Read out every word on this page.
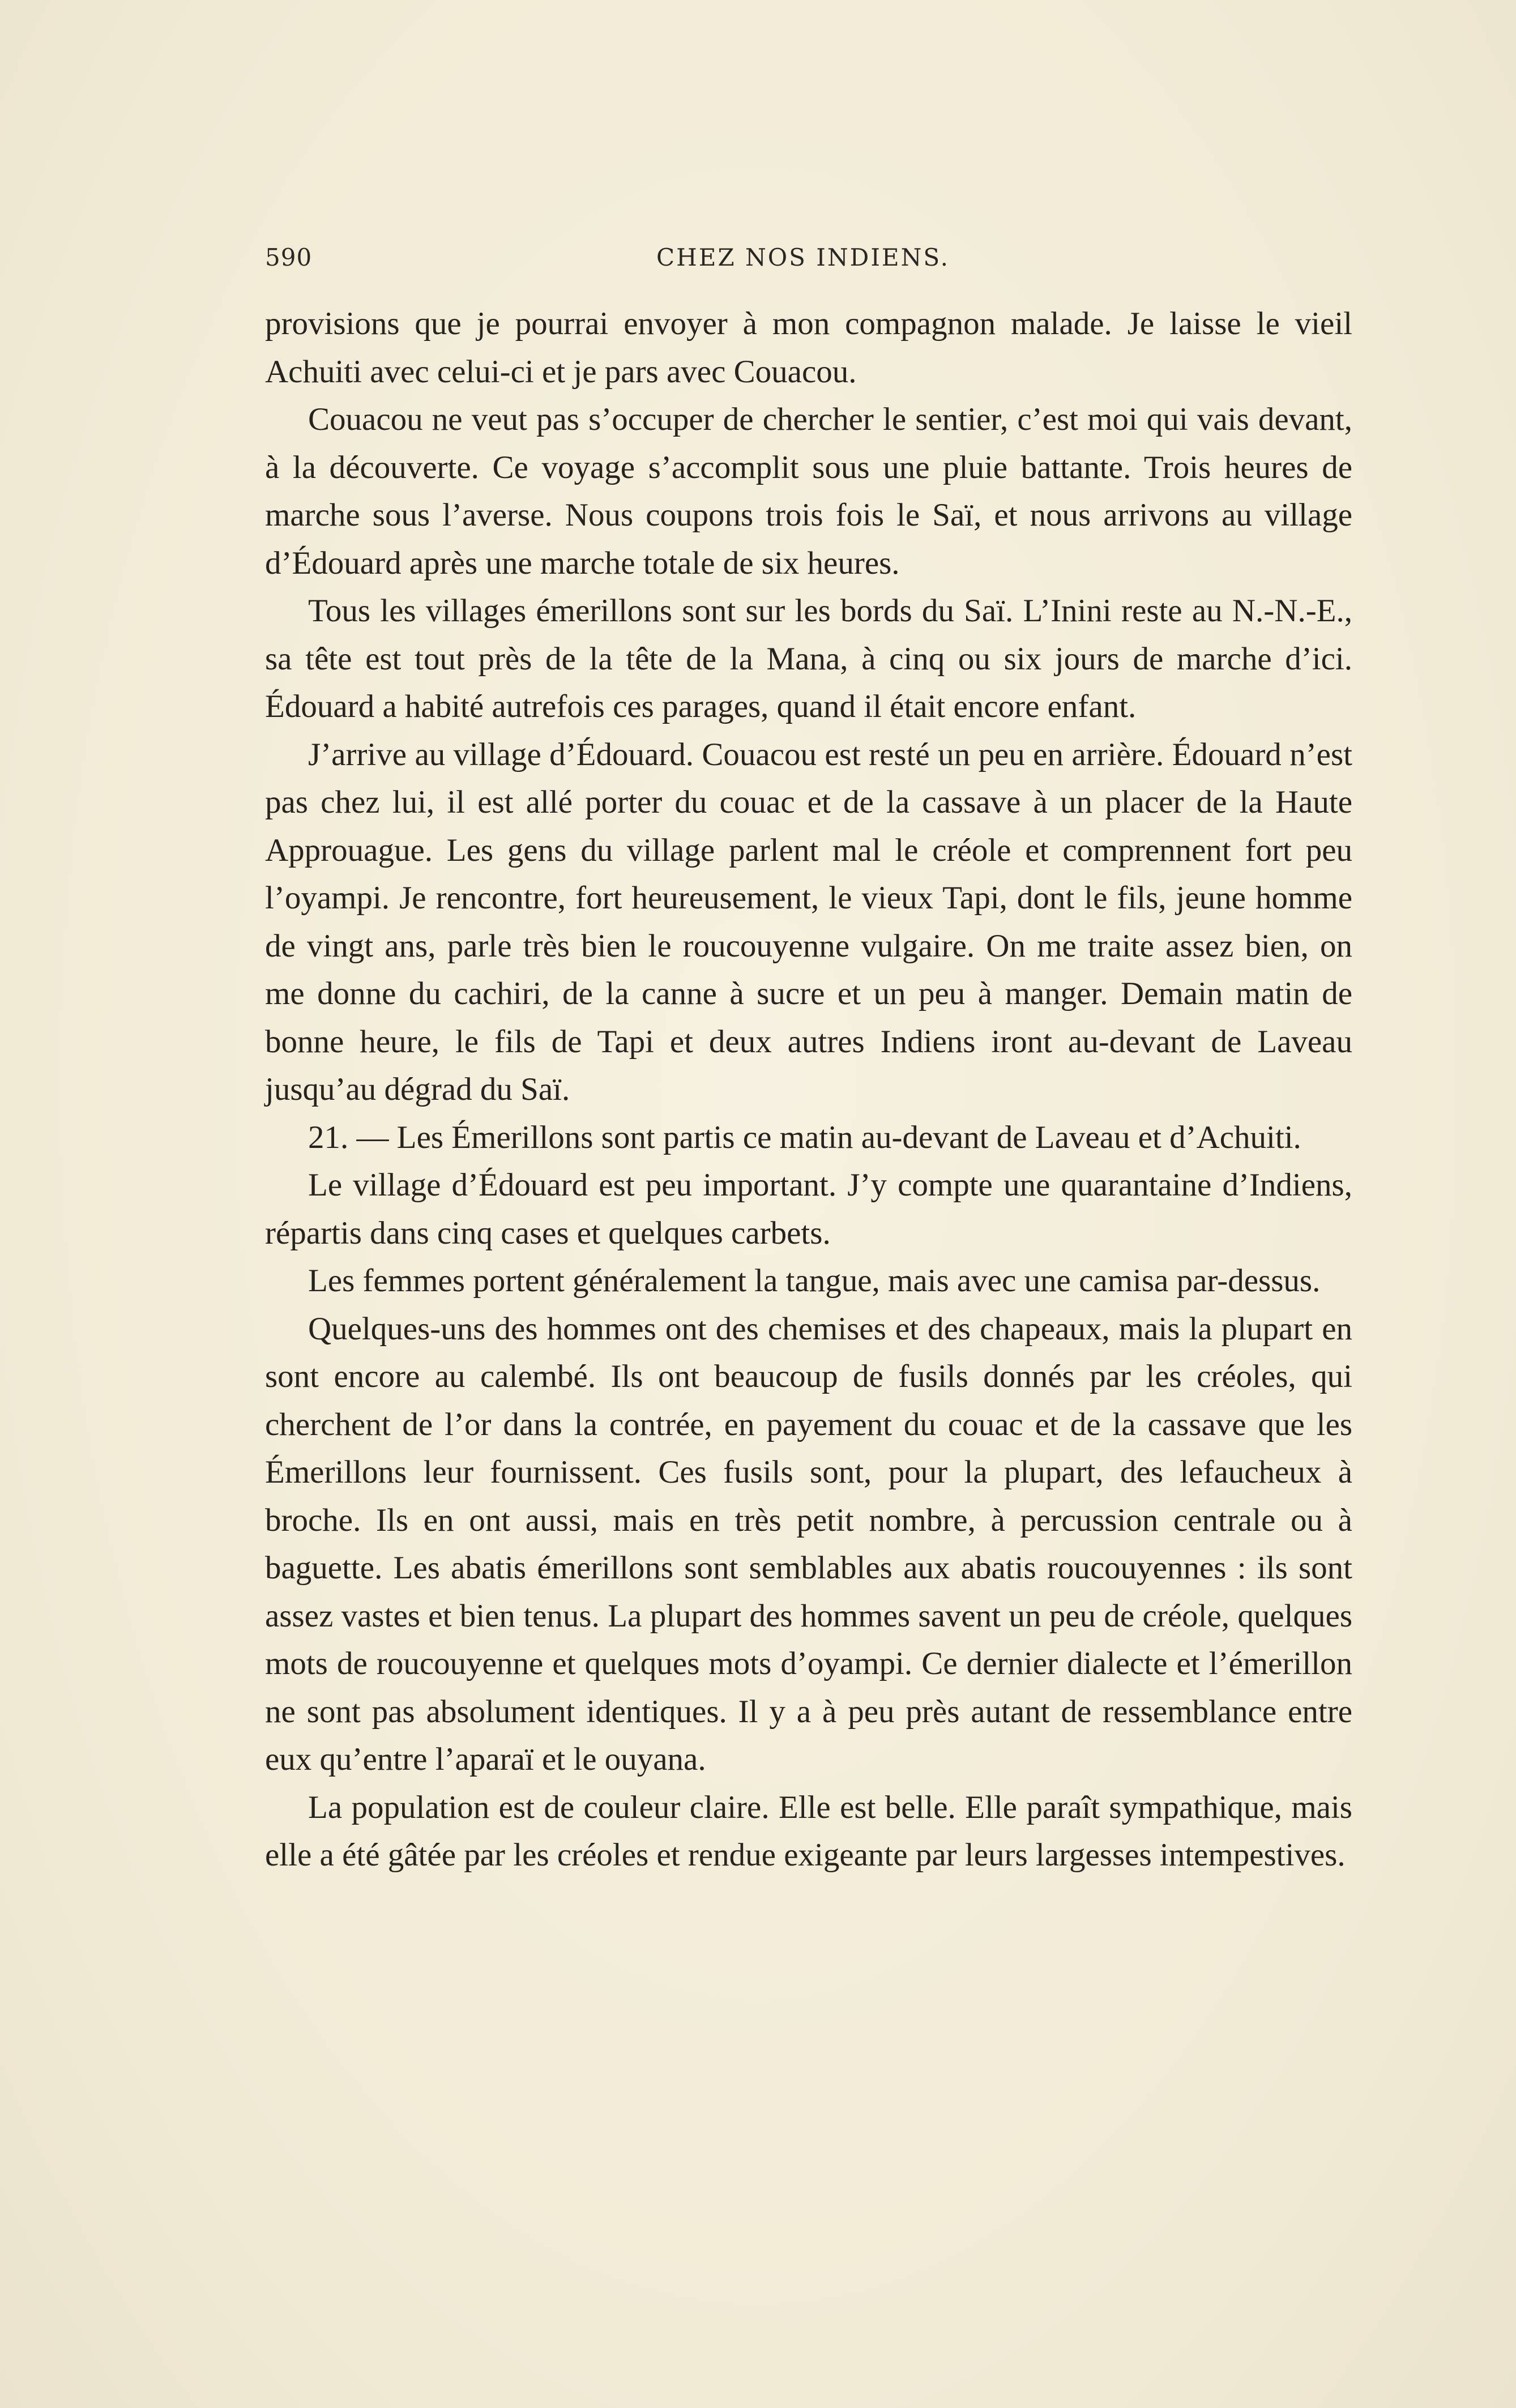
590	CHEZ NOS INDIENS.

provisions que je pourrai envoyer à mon compagnon malade. Je laisse le vieil Achuiti avec celui-ci et je pars avec Couacou.

Couacou ne veut pas s’occuper de chercher le sentier, c’est moi qui vais devant, à la découverte. Ce voyage s’accomplit sous une pluie battante. Trois heures de marche sous l’averse. Nous coupons trois fois le Saï, et nous arrivons au village d’Édouard après une marche totale de six heures.

Tous les villages émerillons sont sur les bords du Saï. L’Inini reste au N.-N.-E., sa tête est tout près de la tête de la Mana, à cinq ou six jours de marche d’ici. Édouard a habité autrefois ces parages, quand il était encore enfant.

J’arrive au village d’Édouard. Couacou est resté un peu en arrière. Édouard n’est pas chez lui, il est allé porter du couac et de la cassave à un placer de la Haute Approuague. Les gens du village parlent mal le créole et comprennent fort peu l’oyampi. Je rencontre, fort heureusement, le vieux Tapi, dont le fils, jeune homme de vingt ans, parle très bien le roucouyenne vulgaire. On me traite assez bien, on me donne du cachiri, de la canne à sucre et un peu à manger. Demain matin de bonne heure, le fils de Tapi et deux autres Indiens iront au-devant de Laveau jusqu’au dégrad du Saï.

21. — Les Émerillons sont partis ce matin au-devant de Laveau et d’Achuiti.

Le village d’Édouard est peu important. J’y compte une quarantaine d’Indiens, répartis dans cinq cases et quelques carbets.

Les femmes portent généralement la tangue, mais avec une camisa par-dessus.

Quelques-uns des hommes ont des chemises et des chapeaux, mais la plupart en sont encore au calembé. Ils ont beaucoup de fusils donnés par les créoles, qui cherchent de l’or dans la contrée, en payement du couac et de la cassave que les Émerillons leur fournissent. Ces fusils sont, pour la plupart, des lefaucheux à broche. Ils en ont aussi, mais en très petit nombre, à percussion centrale ou à baguette. Les abatis émerillons sont semblables aux abatis roucouyennes : ils sont assez vastes et bien tenus. La plupart des hommes savent un peu de créole, quelques mots de roucouyenne et quelques mots d’oyampi. Ce dernier dialecte et l’émerillon ne sont pas absolument identiques. Il y a à peu près autant de ressemblance entre eux qu’entre l’aparaï et le ouyana.

La population est de couleur claire. Elle est belle. Elle paraît sympathique, mais elle a été gâtée par les créoles et rendue exigeante par leurs largesses intempestives.
